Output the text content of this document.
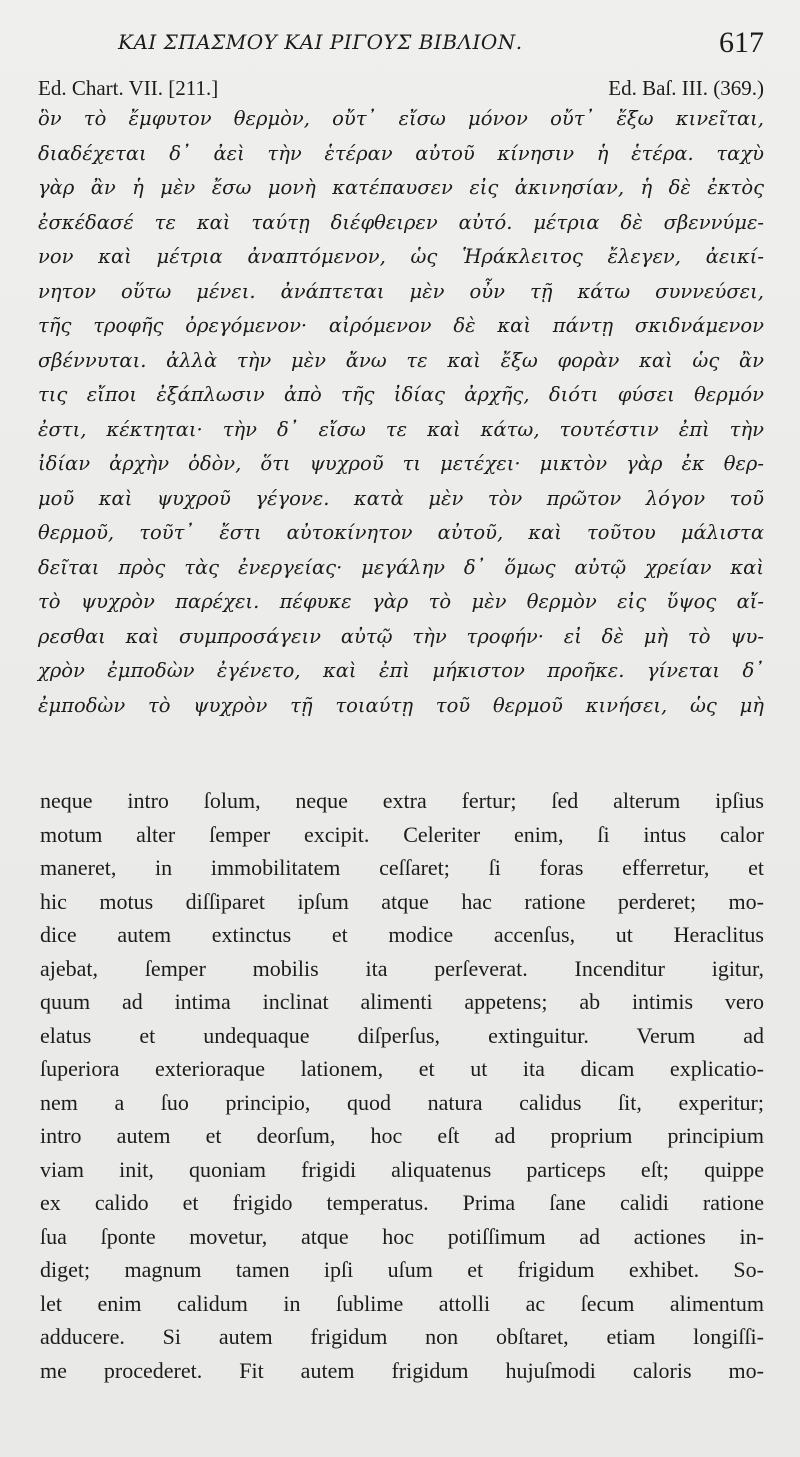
ΚΑΙ ΣΠΑΣΜΟΥ ΚΑΙ ΡΙΓΟΥΣ ΒΙΒΛΙΟΝ.	617
Ed. Chart. VII. [211.]	Ed. Baſ. III. (369.)
ὃν τὸ ἔμφυτον θερμὸν, οὔτ᾽ εἴσω μόνον οὔτ᾽ ἔξω κινεῖται,
διαδέχεται δ᾽ ἀεὶ τὴν ἑτέραν αὐτοῦ κίνησιν ἡ ἑτέρα. ταχὺ
γὰρ ἂν ἡ μὲν ἔσω μονὴ κατέπαυσεν εἰς ἀκινησίαν, ἡ δὲ ἐκτὸς
ἐσκέδασέ τε καὶ ταύτῃ διέφθειρεν αὐτό. μέτρια δὲ σβεννύμε-
νον καὶ μέτρια ἀναπτόμενον, ὡς Ἡράκλειτος ἔλεγεν, ἀεικί-
νητον οὕτω μένει. ἀνάπτεται μὲν οὖν τῇ κάτω συννεύσει,
τῆς τροφῆς ὀρεγόμενον· αἰρόμενον δὲ καὶ πάντῃ σκιδνάμενον
σβέννυται. ἀλλὰ τὴν μὲν ἄνω τε καὶ ἔξω φορὰν καὶ ὡς ἂν
τις εἴποι ἐξάπλωσιν ἀπὸ τῆς ἰδίας ἀρχῆς, διότι φύσει θερμόν
ἐστι, κέκτηται· τὴν δ᾽ εἴσω τε καὶ κάτω, τουτέστιν ἐπὶ τὴν
ἰδίαν ἀρχὴν ὁδὸν, ὅτι ψυχροῦ τι μετέχει· μικτὸν γὰρ ἐκ θερ-
μοῦ καὶ ψυχροῦ γέγονε. κατὰ μὲν τὸν πρῶτον λόγον τοῦ
θερμοῦ, τοῦτ᾽ ἔστι αὐτοκίνητον αὐτοῦ, καὶ τοῦτου μάλιστα
δεῖται πρὸς τὰς ἐνεργείας· μεγάλην δ᾽ ὅμως αὐτῷ χρείαν καὶ
τὸ ψυχρὸν παρέχει. πέφυκε γὰρ τὸ μὲν θερμὸν εἰς ὕψος αἴ-
ρεσθαι καὶ συμπροσάγειν αὐτῷ τὴν τροφήν· εἰ δὲ μὴ τὸ ψυ-
χρὸν ἐμποδὼν ἐγένετο, καὶ ἐπὶ μήκιστον προῆκε. γίνεται δ᾽
ἐμποδὼν τὸ ψυχρὸν τῇ τοιαύτῃ τοῦ θερμοῦ κινήσει, ὡς μὴ
neque intro ſolum, neque extra fertur; ſed alterum ipſius
motum alter ſemper excipit. Celeriter enim, ſi intus calor
maneret, in immobilitatem ceſſaret; ſi foras efferretur, et
hic motus diſſiparet ipſum atque hac ratione perderet; mo-
dice autem extinctus et modice accenſus, ut Heraclitus
ajebat, ſemper mobilis ita perſeverat. Incenditur igitur,
quum ad intima inclinat alimenti appetens; ab intimis vero
elatus et undequaque diſperſus, extinguitur. Verum ad
ſuperiora exterioraque lationem, et ut ita dicam explicatio-
nem a ſuo principio, quod natura calidus ſit, experitur;
intro autem et deorſum, hoc eſt ad proprium principium
viam init, quoniam frigidi aliquatenus particeps eſt; quippe
ex calido et frigido temperatus. Prima ſane calidi ratione
ſua ſponte movetur, atque hoc potiſſimum ad actiones in-
diget; magnum tamen ipſi uſum et frigidum exhibet. So-
let enim calidum in ſublime attolli ac ſecum alimentum
adducere. Si autem frigidum non obſtaret, etiam longiſſi-
me procederet. Fit autem frigidum hujuſmodi caloris mo-
